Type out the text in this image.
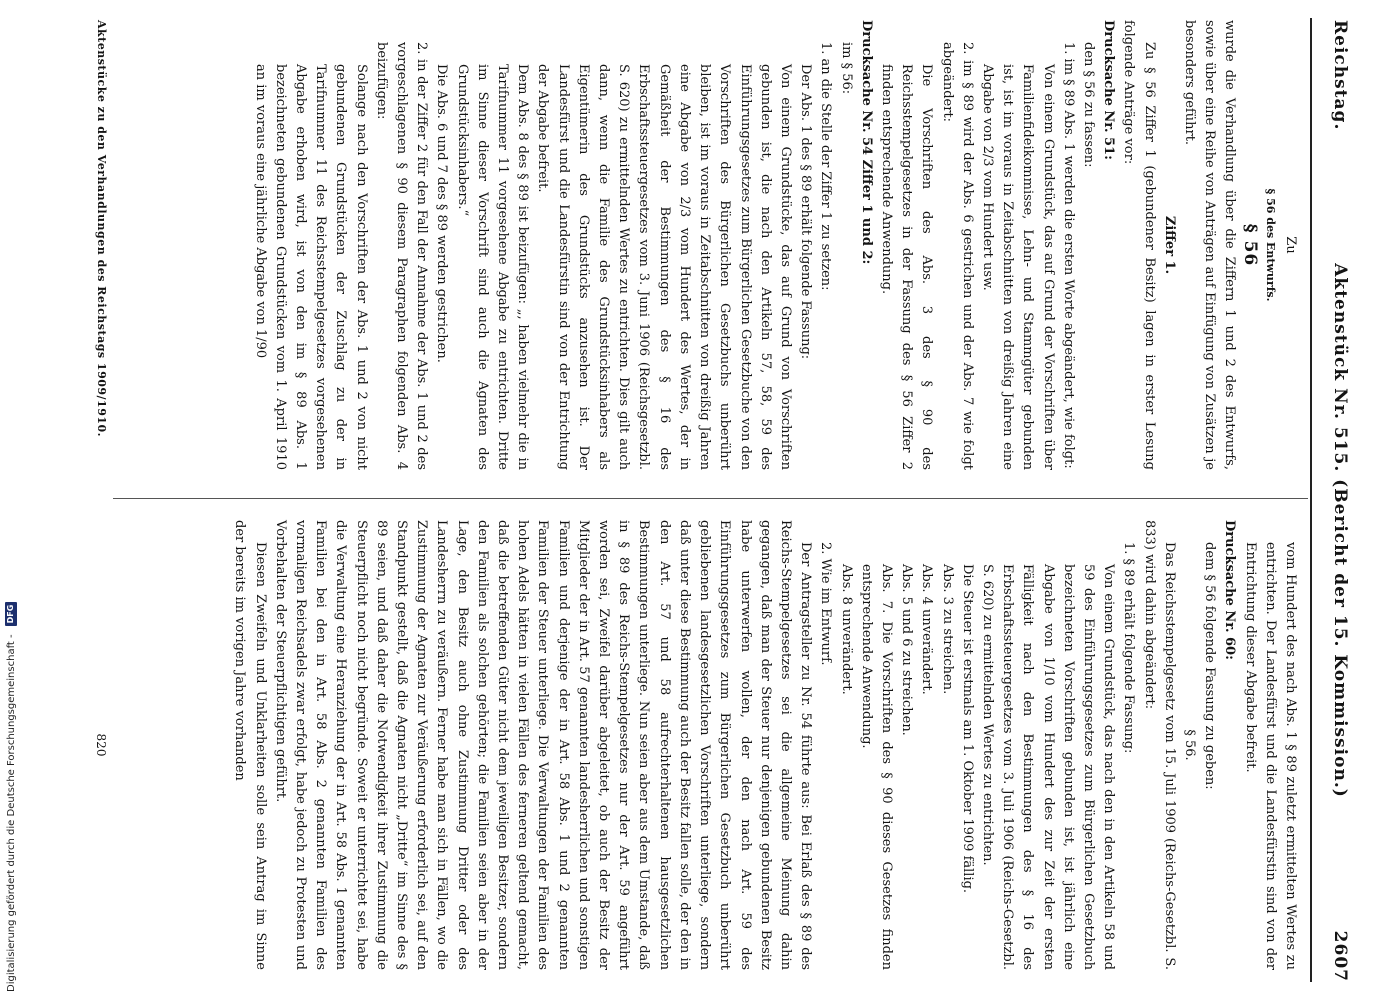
Digitalisierung gefördert durch die Deutsche Forschungsgemeinschaft -
DFG
Reichstag.
Aktenstück Nr. 515. (Bericht der 15. Kommission.)
2607

Zu

§ 56 des Entwurfs.

§ 56

wurde die Verhandlung über die Ziffern 1 und 2 des Entwurfs, sowie über eine Reihe von Anträgen auf Einfügung von Zusätzen je besonders geführt.

Ziffer 1.

Zu § 56 Ziffer 1 (gebundener Besitz) lagen in erster Lesung folgende Anträge vor:

Drucksache Nr. 51:

den § 56 zu fassen:

1. im § 89 Abs. 1 werden die ersten Worte abgeändert, wie folgt:

Von einem Grundstück, das auf Grund der Vorschriften über Familienfideikommisse, Lehn- und Stammgüter gebunden ist, ist im voraus in Zeitabschnitten von dreißig Jahren eine Abgabe von 2/3 vom Hundert usw.

2. im § 89 wird der Abs. 6 gestrichen und der Abs. 7 wie folgt abgeändert:

Die Vorschriften des Abs. 3 des § 90 des Reichsstempelgesetzes in der Fassung des § 56 Ziffer 2 finden entsprechende Anwendung.

Drucksache Nr. 54 Ziffer 1 und 2:

im § 56:

1. an die Stelle der Ziffer 1 zu setzen:

Der Abs. 1 des § 89 erhält folgende Fassung:

Von einem Grundstücke, das auf Grund von Vorschriften gebunden ist, die nach den Artikeln 57, 58, 59 des Einführungsgesetzes zum Bürgerlichen Gesetzbuche von den Vorschriften des Bürgerlichen Gesetzbuchs unberührt bleiben, ist im voraus in Zeitabschnitten von dreißig Jahren eine Abgabe von 2/3 vom Hundert des Wertes, der in Gemäßheit der Bestimmungen des § 16 des Erbschaftssteuergesetzes vom 3. Juni 1906 (Reichsgesetzbl. S. 620) zu ermittelnden Wertes zu entrichten. Dies gilt auch dann, wenn die Familie des Grundstücksinhabers als Eigentümerin des Grundstücks anzusehen ist. Der Landesfürst und die Landesfürstin sind von der Entrichtung der Abgabe befreit.

Dem Abs. 8 des § 89 ist beizufügen: „, haben vielmehr die in Tarifnummer 11 vorgesehene Abgabe zu entrichten. Dritte im Sinne dieser Vorschrift sind auch die Agnaten des Grundstücksinhabers.“

Die Abs. 6 und 7 des § 89 werden gestrichen.

2. in der Ziffer 2 für den Fall der Annahme der Abs. 1 und 2 des vorgeschlagenen § 90 diesem Paragraphen folgenden Abs. 4 beizufügen:

Solange nach den Vorschriften der Abs. 1 und 2 von nicht gebundenen Grundstücken der Zuschlag zu der in Tarifnummer 11 des Reichsstempelgesetzes vorgesehenen Abgabe erhoben wird, ist von den im § 89 Abs. 1 bezeichneten gebundenen Grundstücken vom 1. April 1910 an im voraus eine jährliche Abgabe von 1/90

vom Hundert des nach Abs. 1 § 89 zuletzt ermittelten Wertes zu entrichten. Der Landesfürst und die Landesfürstin sind von der Entrichtung dieser Abgabe befreit.

Drucksache Nr. 60:

dem § 56 folgende Fassung zu geben:

§ 56.

Das Reichsstempelgesetz vom 15. Juli 1909 (Reichs-Gesetzbl. S. 833) wird dahin abgeändert:

1. § 89 erhält folgende Fassung:

Von einem Grundstück, das nach den in den Artikeln 58 und 59 des Einführungsgesetzes zum Bürgerlichen Gesetzbuch bezeichneten Vorschriften gebunden ist, ist jährlich eine Abgabe von 1/10 vom Hundert des zur Zeit der ersten Fälligkeit nach den Bestimmungen des § 16 des Erbschaftssteuergesetzes vom 3. Juli 1906 (Reichs-Gesetzbl. S. 620) zu ermittelnden Wertes zu entrichten.

Die Steuer ist erstmals am 1. Oktober 1909 fällig.

Abs. 3 zu streichen.

Abs. 4 unverändert.

Abs. 5 und 6 zu streichen.

Abs. 7. Die Vorschriften des § 90 dieses Gesetzes finden entsprechende Anwendung.

Abs. 8 unverändert.

2. Wie im Entwurf.

Der Antragsteller zu Nr. 54 führte aus: Bei Erlaß des § 89 des Reichs-Stempelgesetzes sei die allgemeine Meinung dahin gegangen, daß man der Steuer nur denjenigen gebundenen Besitz habe unterwerfen wollen, der den nach Art. 59 des Einführungsgesetzes zum Bürgerlichen Gesetzbuch unberührt gebliebenen landesgesetzlichen Vorschriften unterliege, sondern daß unter diese Bestimmung auch der Besitz fallen solle, der den in den Art. 57 und 58 aufrechterhaltenen hausgesetzlichen Bestimmungen unterliege. Nun seien aber aus dem Umstande, daß in § 89 des Reichs-Stempelgesetzes nur der Art. 59 angeführt worden sei, Zweifel darüber abgeleitet, ob auch der Besitz der Mitglieder der in Art. 57 genannten landesherrlichen und sonstigen Familien und derjenige der in Art. 58 Abs. 1 und 2 genannten Familien der Steuer unterliege. Die Verwaltungen der Familien des hohen Adels hätten in vielen Fällen des ferneren geltend gemacht, daß die betreffenden Güter nicht dem jeweiligen Besitzer, sondern den Familien als solchen gehörten; die Familien seien aber in der Lage, den Besitz auch ohne Zustimmung Dritter oder des Landesherrn zu veräußern. Ferner habe man sich in Fällen, wo die Zustimmung der Agnaten zur Veräußerung erforderlich sei, auf den Standpunkt gestellt, daß die Agnaten nicht „Dritte“ im Sinne des § 89 seien, und daß daher die Notwendigkeit ihrer Zustimmung die Steuerpflicht noch nicht begründe. Soweit er unterrichtet sei, habe die Verwaltung eine Heranziehung der in Art. 58 Abs. 1 genannten Familien bei den in Art. 58 Abs. 2 genannten Familien des vormaligen Reichsadels zwar erfolgt, habe jedoch zu Protesten und Vorbehalten der Steuerpflichtigen geführt.

Diesen Zweifeln und Unklarheiten solle sein Antrag im Sinne der bereits im vorigen Jahre vorhanden

Aktenstücke zu den Verhandlungen des Reichstags 1909/1910.
820
